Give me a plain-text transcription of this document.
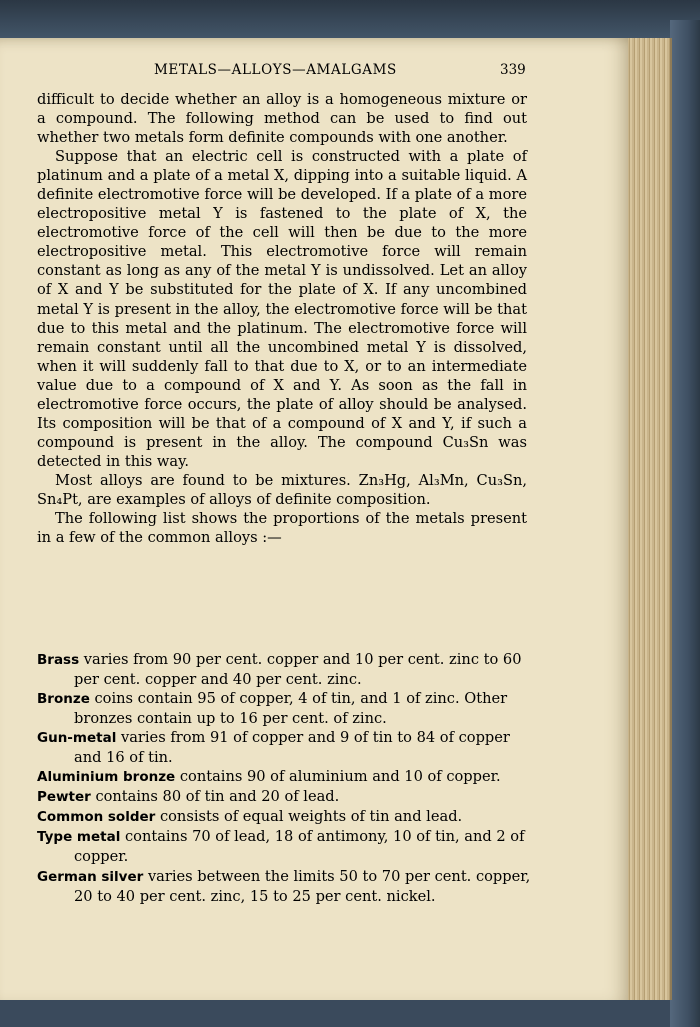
METALS—ALLOYS—AMALGAMS	339

difficult to decide whether an alloy is a homogeneous mixture or a compound. The following method can be used to find out whether two metals form definite compounds with one another.

Suppose that an electric cell is constructed with a plate of platinum and a plate of a metal X, dipping into a suitable liquid. A definite electromotive force will be developed. If a plate of a more electropositive metal Y is fastened to the plate of X, the electromotive force of the cell will then be due to the more electropositive metal. This electromotive force will remain constant as long as any of the metal Y is undissolved. Let an alloy of X and Y be substituted for the plate of X. If any uncombined metal Y is present in the alloy, the electromotive force will be that due to this metal and the platinum. The electromotive force will remain constant until all the uncombined metal Y is dissolved, when it will suddenly fall to that due to X, or to an intermediate value due to a compound of X and Y. As soon as the fall in electromotive force occurs, the plate of alloy should be analysed. Its composition will be that of a compound of X and Y, if such a compound is present in the alloy. The compound Cu₃Sn was detected in this way.

Most alloys are found to be mixtures. Zn₃Hg, Al₃Mn, Cu₃Sn, Sn₄Pt, are examples of alloys of definite composition.

The following list shows the proportions of the metals present in a few of the common alloys :—

Brass varies from 90 per cent. copper and 10 per cent. zinc to 60 per cent. copper and 40 per cent. zinc.

Bronze coins contain 95 of copper, 4 of tin, and 1 of zinc. Other bronzes contain up to 16 per cent. of zinc.

Gun-metal varies from 91 of copper and 9 of tin to 84 of copper and 16 of tin.

Aluminium bronze contains 90 of aluminium and 10 of copper.

Pewter contains 80 of tin and 20 of lead.

Common solder consists of equal weights of tin and lead.

Type metal contains 70 of lead, 18 of antimony, 10 of tin, and 2 of copper.

German silver varies between the limits 50 to 70 per cent. copper, 20 to 40 per cent. zinc, 15 to 25 per cent. nickel.
